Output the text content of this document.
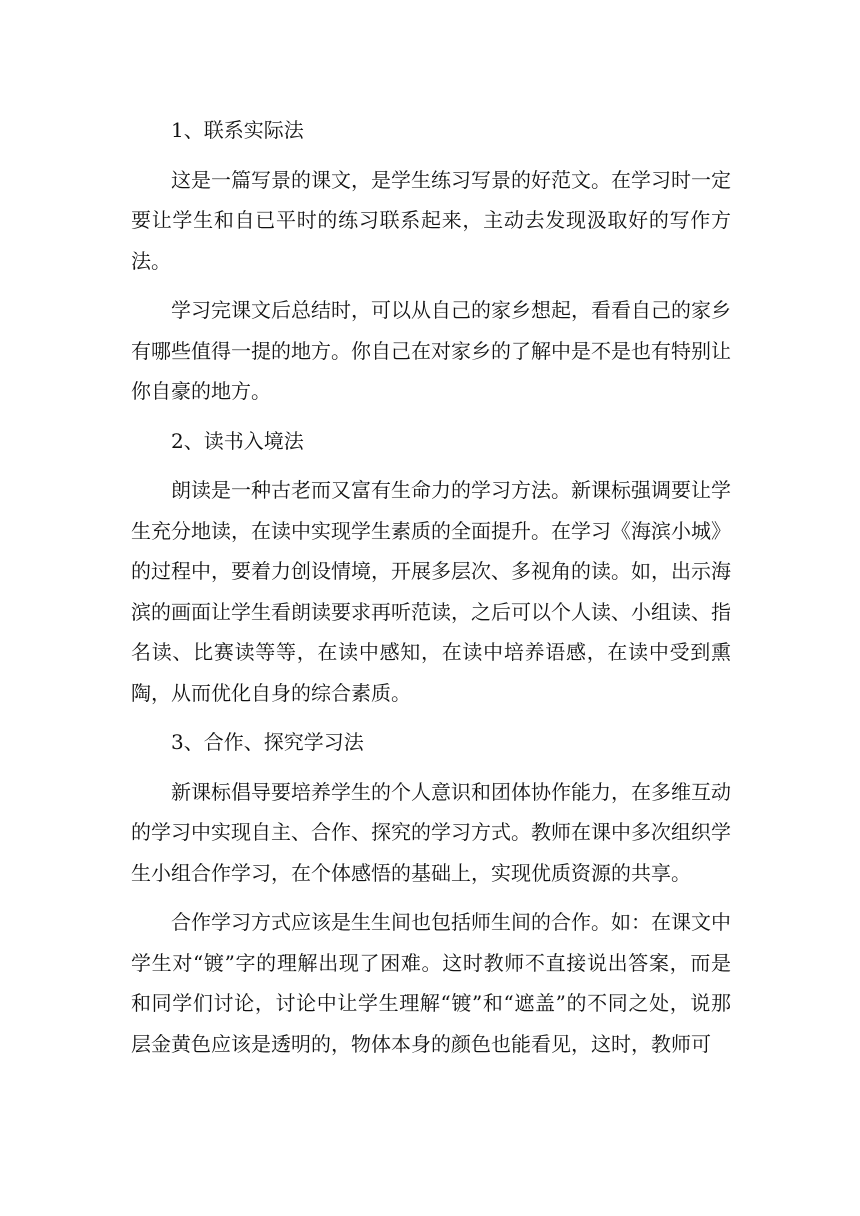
1、联系实际法

这是一篇写景的课文，是学生练习写景的好范文。在学习时一定要让学生和自已平时的练习联系起来，主动去发现汲取好的写作方法。

学习完课文后总结时，可以从自己的家乡想起，看看自己的家乡有哪些值得一提的地方。你自己在对家乡的了解中是不是也有特别让你自豪的地方。

2、读书入境法

朗读是一种古老而又富有生命力的学习方法。新课标强调要让学生充分地读，在读中实现学生素质的全面提升。在学习《海滨小城》的过程中，要着力创设情境，开展多层次、多视角的读。如，出示海滨的画面让学生看朗读要求再听范读，之后可以个人读、小组读、指名读、比赛读等等，在读中感知，在读中培养语感，在读中受到熏陶，从而优化自身的综合素质。

3、合作、探究学习法

新课标倡导要培养学生的个人意识和团体协作能力，在多维互动的学习中实现自主、合作、探究的学习方式。教师在课中多次组织学生小组合作学习，在个体感悟的基础上，实现优质资源的共享。

合作学习方式应该是生生间也包括师生间的合作。如：在课文中学生对“镀”字的理解出现了困难。这时教师不直接说出答案，而是和同学们讨论，讨论中让学生理解“镀”和“遮盖”的不同之处，说那层金黄色应该是透明的，物体本身的颜色也能看见，这时，教师可
